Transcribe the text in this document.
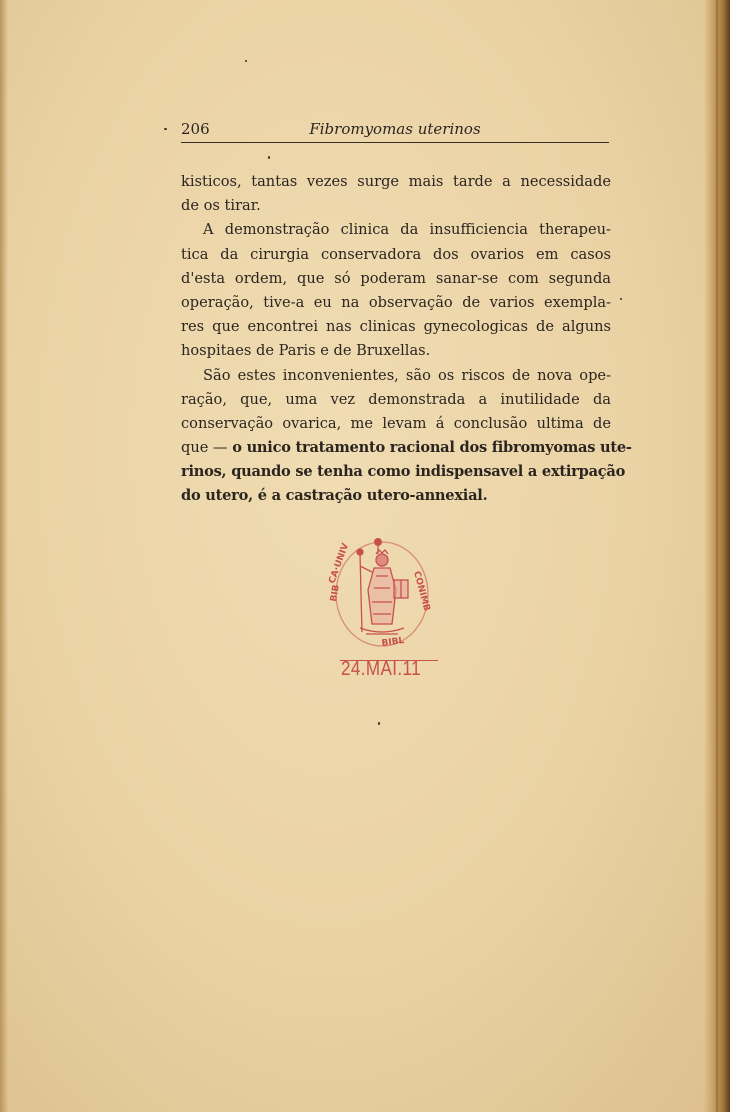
206	Fibromyomas uterinos
kisticos, tantas vezes surge mais tarde a necessidade
de os tirar.
A demonstração clinica da insufficiencia therapeu-
tica da cirurgia conservadora dos ovarios em casos
d'esta ordem, que só poderam sanar-se com segunda
operação, tive-a eu na observação de varios exempla-
res que encontrei nas clinicas gynecologicas de alguns
hospitaes de Paris e de Bruxellas.
São estes inconvenientes, são os riscos de nova ope-
ração, que, uma vez demonstrada a inutilidade da
conservação ovarica, me levam á conclusão ultima de
que — o unico tratamento racional dos fibromyomas ute-
rinos, quando se tenha como indispensavel a extirpação
do utero, é a castração utero-annexial.
BIB
CA·UNIV
CONIMB
BIBL
24.MAI.11
